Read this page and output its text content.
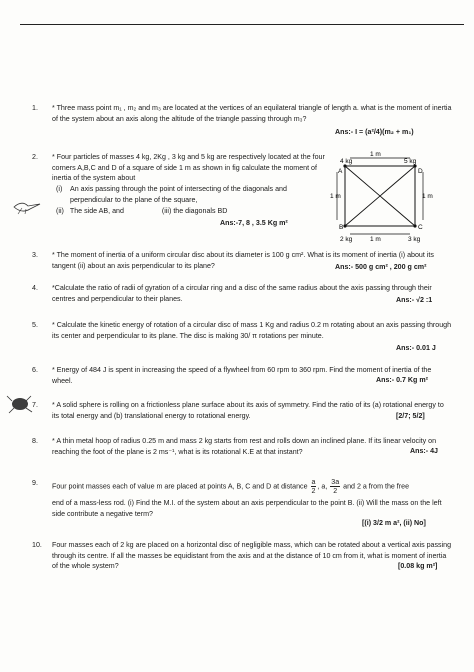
1.	* Three mass point m₁ , m₂ and m₃ are located at the vertices of an equilateral triangle of length a. what is the moment of inertia of the system about an axis along the altitude of the triangle passing through m₃?
Ans:- I = (a²/4)(m₂ + m₁)
2.	* Four particles of masses 4 kg, 2Kg , 3 kg and 5 kg are respectively located at the four corners A,B,C and D of a square of side 1 m as shown in fig calculate the moment of inertia of the system about
(i) An axis passing through the point of intersecting of the diagonals and perpendicular to the plane of the square,
(ii) The side AB, and	(iii) the diagonals BD
Ans:-7, 8 , 3.5 Kg m²
4 kg
1 m
5 kg
A	D
1 m	1 m
B	C
2 kg	1 m	3 kg
3.	* The moment of inertia of a uniform circular disc about its diameter is 100 g cm². What is its moment of inertia (i) about its tangent (ii) about an axis perpendicular to its plane?	Ans:- 500 g cm² , 200 g cm²
4.	*Calculate the ratio of radii of gyration of a circular ring and a disc of the same radius about the axis passing through their centres and perpendicular to their planes.	Ans:- √2 :1
5.	* Calculate the kinetic energy of rotation of a circular disc of mass 1 Kg and radius 0.2 m rotating about an axis passing through its center and perpendicular to its plane. The disc is making 30/ π rotations per minute.
Ans:- 0.01 J
6.	* Energy of 484 J is spent in increasing the speed of a flywheel from 60 rpm to 360 rpm. Find the moment of inertia of the wheel.	Ans:- 0.7 Kg m²
7.	* A solid sphere is rolling on a frictionless plane surface about its axis of symmetry. Find the ratio of its (a) rotational energy to its total energy and (b) translational energy to rotational energy.	[2/7; 5/2]
8.	* A thin metal hoop of radius 0.25 m and mass 2 kg starts from rest and rolls down an inclined plane. If its linear velocity on reaching the foot of the plane is 2 ms⁻¹, what is its rotational K.E at that instant?	Ans:- 4J
9.	Four point masses each of value m are placed at points A, B, C and D at distance $\frac{a}{2}$ , a, $\frac{3a}{2}$ and 2 a from the free
end of a mass-less rod. (i) Find the M.I. of the system about an axis perpendicular to the point B. (ii) Will the mass on the left side contribute a negative term?
[(i) 3/2 m a², (ii) No]
10.	Four masses each of 2 kg are placed on a horizontal disc of negligible mass, which can be rotated about a vertical axis passing through its centre. If all the masses be equidistant from the axis and at the distance of 10 cm from it, what is moment of inertia of the whole system?	[0.08 kg m²]
